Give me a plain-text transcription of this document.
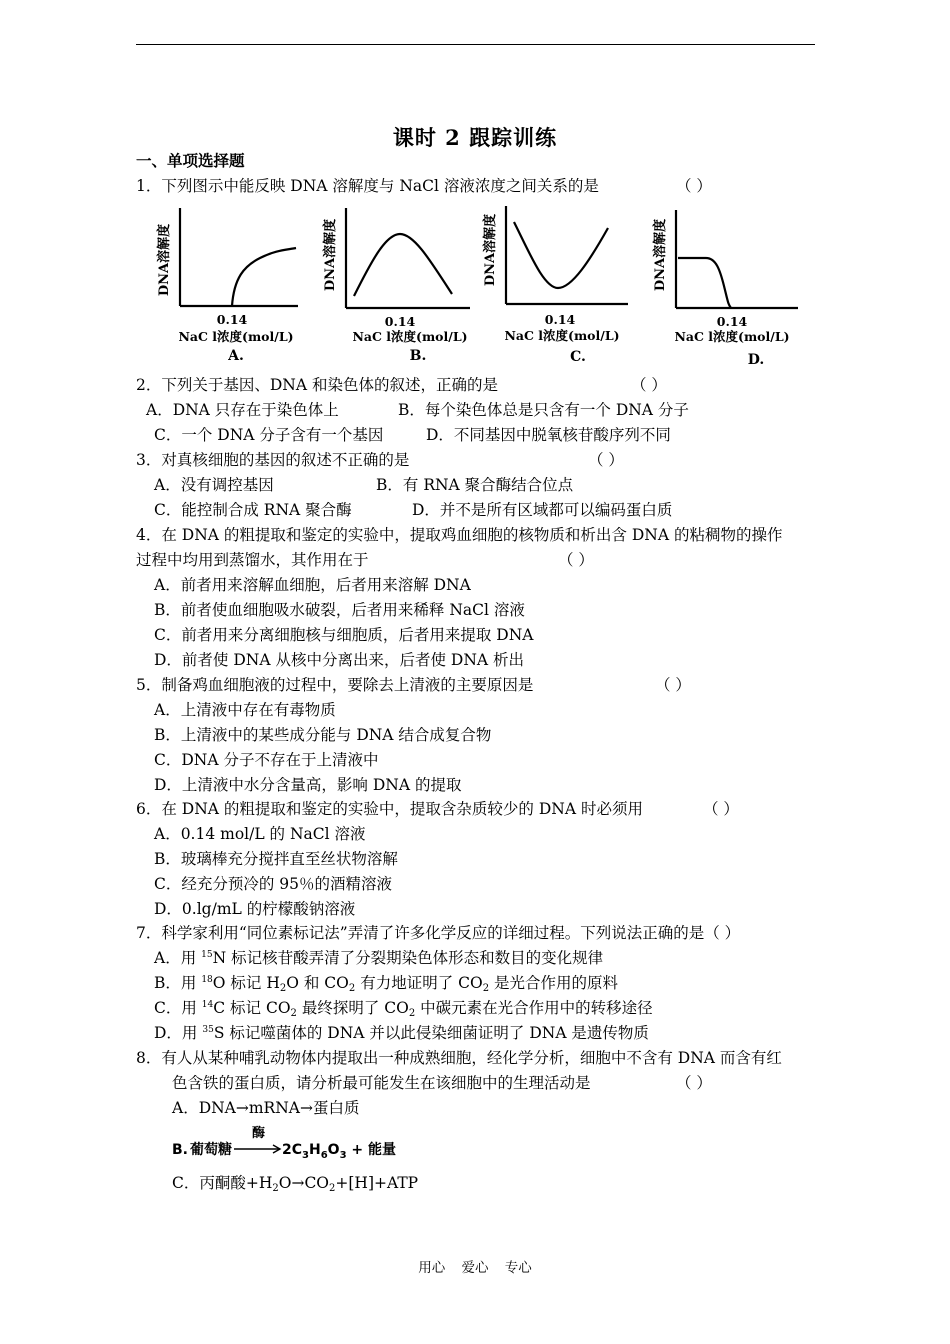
课时 2 跟踪训练
一、单项选择题
1．下列图示中能反映 DNA 溶解度与 NaCl 溶液浓度之间关系的是	（ ）
DNA溶解度
0.14
NaC l浓度(mol/L)
A.
DNA溶解度
0.14
NaC l浓度(mol/L)
B.
DNA溶解度
0.14
NaC l浓度(mol/L)
C.
DNA溶解度
0.14
NaC l浓度(mol/L)
D.
2．下列关于基因、DNA 和染色体的叙述，正确的是	（ ）
A．DNA 只存在于染色体上	B．每个染色体总是只含有一个 DNA 分子
C．一个 DNA 分子含有一个基因	D．不同基因中脱氧核苷酸序列不同
3．对真核细胞的基因的叙述不正确的是	（ ）
A．没有调控基因	B．有 RNA 聚合酶结合位点
C．能控制合成 RNA 聚合酶	D．并不是所有区域都可以编码蛋白质
4．在 DNA 的粗提取和鉴定的实验中，提取鸡血细胞的核物质和析出含 DNA 的粘稠物的操作
过程中均用到蒸馏水，其作用在于	（ ）
A．前者用来溶解血细胞，后者用来溶解 DNA
B．前者使血细胞吸水破裂，后者用来稀释 NaCl 溶液
C．前者用来分离细胞核与细胞质，后者用来提取 DNA
D．前者使 DNA 从核中分离出来，后者使 DNA 析出
5．制备鸡血细胞液的过程中，要除去上清液的主要原因是	（ ）
A．上清液中存在有毒物质
B．上清液中的某些成分能与 DNA 结合成复合物
C．DNA 分子不存在于上清液中
D．上清液中水分含量高，影响 DNA 的提取
6．在 DNA 的粗提取和鉴定的实验中，提取含杂质较少的 DNA 时必须用	（ ）
A．0.14 mol/L 的 NaCl 溶液
B．玻璃棒充分搅拌直至丝状物溶解
C．经充分预冷的 95％的酒精溶液
D．0.lg/mL 的柠檬酸钠溶液
7．科学家利用“同位素标记法”弄清了许多化学反应的详细过程。下列说法正确的是（ ）
A．用 $^{15}$N 标记核苷酸弄清了分裂期染色体形态和数目的变化规律
B．用 $^{18}$O 标记 $H_2O$ 和 $CO_2$ 有力地证明了 $CO_2$ 是光合作用的原料
C．用 $^{14}$C 标记 $CO_2$ 最终探明了 $CO_2$ 中碳元素在光合作用中的转移途径
D．用 $^{35}$S 标记噬菌体的 DNA 并以此侵染细菌证明了 DNA 是遗传物质
8．有人从某种哺乳动物体内提取出一种成熟细胞，经化学分析，细胞中不含有 DNA 而含有红
色含铁的蛋白质，请分析最可能发生在该细胞中的生理活动是	（ ）
A．DNA→mRNA→蛋白质
B. 葡萄糖
酶
$2C_3H_6O_3$ + 能量
C．丙酮酸$+H_2O\to CO_2+[H]+ATP$
用心 爱心 专心
